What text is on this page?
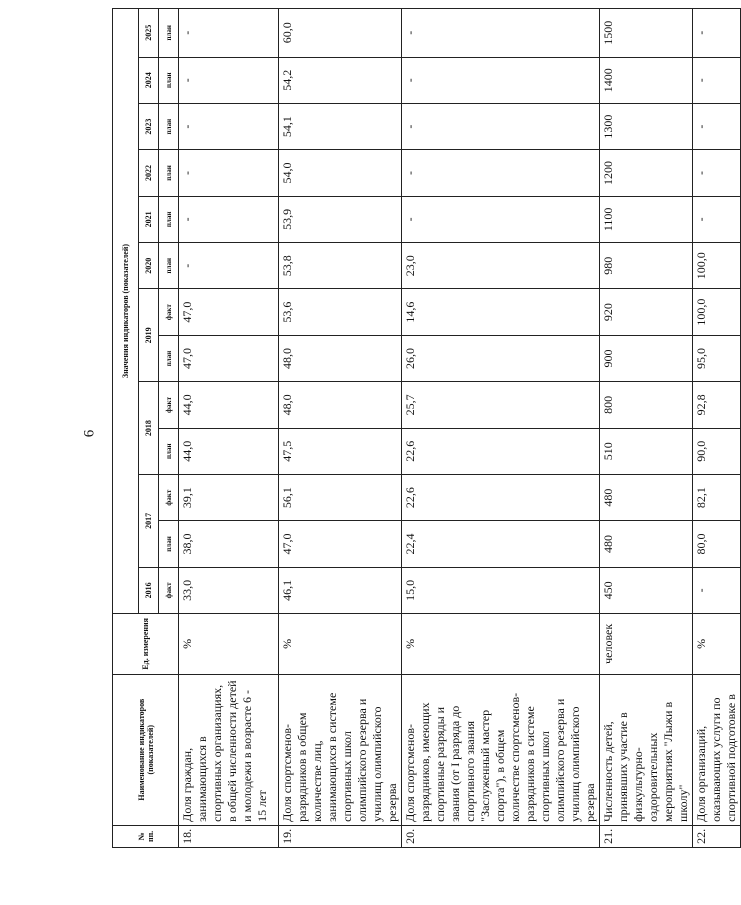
6
№ пп.	Наименование индикаторов (показателей)	Ед. измерения	Значения индикаторов (показателей)												
			2016	2017		2018		2019		2020	2021	2022	2023	2024	2025
			факт	план	факт	план	факт	план	факт	план	план	план	план	план	план
18.	Доля граждан, занимающихся в спортивных организациях, в общей численности детей и молодежи в возрасте 6 - 15 лет	%	33,0	38,0	39,1	44,0	44,0	47,0	47,0	-	-	-	-	-	-
19.	Доля спортсменов-разрядников в общем количестве лиц, занимающихся в системе спортивных школ олимпийского резерва и училищ олимпийского резерва	%	46,1	47,0	56,1	47,5	48,0	48,0	53,6	53,8	53,9	54,0	54,1	54,2	60,0
20.	Доля спортсменов-разрядников, имеющих спортивные разряды и звания (от I разряда до спортивного звания "Заслуженный мастер спорта"), в общем количестве спортсменов-разрядников в системе спортивных школ олимпийского резерва и училищ олимпийского резерва	%	15,0	22,4	22,6	22,6	25,7	26,0	14,6	23,0	-	-	-	-	-
21.	Численность детей, принявших участие в физкультурно-оздоровительных мероприятиях "Лыжи в школу"	человек	450	480	480	510	800	900	920	980	1100	1200	1300	1400	1500
22.	Доля организаций, оказывающих услуги по спортивной подготовке в	%	-	80,0	82,1	90,0	92,8	95,0	100,0	100,0	-	-	-	-	-
